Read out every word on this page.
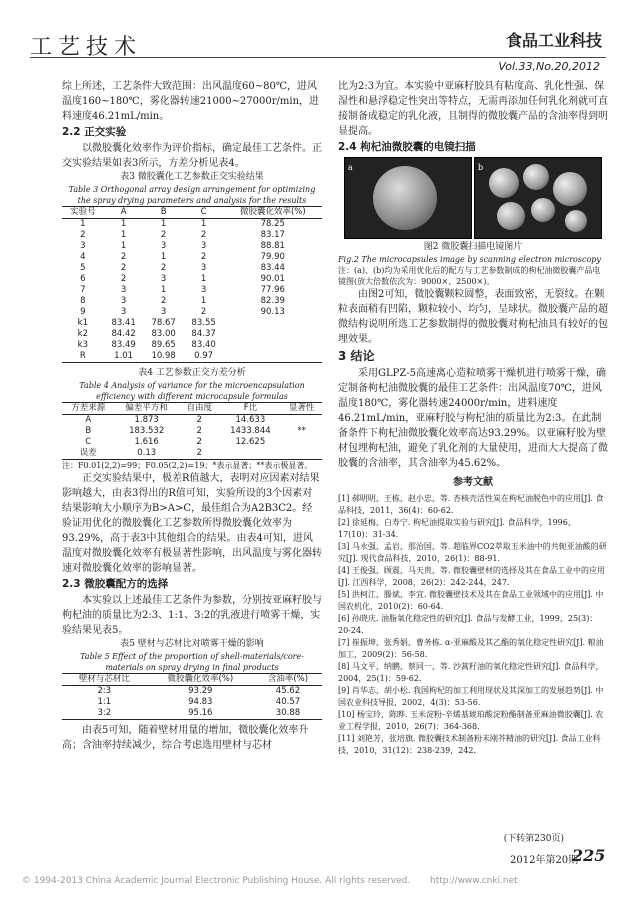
工艺技术	食品工业科技
Vol.33,No.20,2012

综上所述，工艺条件大致范围：出风温度60~80℃，进风温度160~180℃，雾化器转速21000~27000r/min，进料速度46.21mL/min。

2.2 正交实验

以微胶囊化效率作为评价指标，确定最佳工艺条件。正交实验结果如表3所示，方差分析见表4。

表3 微胶囊化工艺参数正交实验结果
Table 3 Orthogonal array design arrangement for optimizing the spray drying parameters and analysis for the results
实验号	A	B	C	微胶囊化效率(%)
1	1	1	1	78.25
2	1	2	2	83.17
3	1	3	3	88.81
4	2	1	2	79.90
5	2	2	3	83.44
6	2	3	1	90.01
7	3	1	3	77.96
8	3	2	1	82.39
9	3	3	2	90.13
k1	83.41	78.67	83.55	
k2	84.42	83.00	84.37	
k3	83.49	89.65	83.40	
R	1.01	10.98	0.97	
表4 工艺参数正交方差分析
Table 4 Analysis of variance for the microencapsulation efficiency with different microcapsule formulas
方差来源	偏差平方和	自由度	F比	显著性
A	1.873	2	14.633	
B	183.532	2	1433.844	**
C	1.616	2	12.625	
误差	0.13	2		
注：F0.01(2,2)=99；F0.05(2,2)=19；*表示显著；**表示极显著。

正交实验结果中，极差R值越大，表明对应因素对结果影响越大，由表3得出的R值可知，实验所设的3个因素对结果影响大小顺序为B>A>C，最佳组合为A2B3C2。经验证用优化的微胶囊化工艺参数所得微胶囊化效率为93.29%，高于表3中其他组合的结果。由表4可知，进风温度对微胶囊化效率有极显著性影响，出风温度与雾化器转速对微胶囊化效率的影响显著。

2.3 微胶囊配方的选择

本实验以上述最佳工艺条件为参数，分别按亚麻籽胶与枸杞油的质量比为2:3、1:1、3:2的乳液进行喷雾干燥，实验结果见表5。

表5 壁材与芯材比对喷雾干燥的影响
Table 5 Effect of the proportion of shell-materials/core-materials on spray drying in final products
壁材与芯材比	微胶囊化效率(%)	含油率(%)
2:3	93.29	45.62
1:1	94.83	40.57
3:2	95.16	30.88

由表5可知，随着壁材用量的增加，微胶囊化效率升高；含油率持续减少，综合考虑选用壁材与芯材

比为2:3为宜。本实验中亚麻籽胶具有粘度高、乳化性强、保湿性和悬浮稳定性突出等特点，无需再添加任何乳化剂就可直接制备成稳定的乳化液，且制得的微胶囊产品的含油率得到明显提高。

2.4 枸杞油微胶囊的电镜扫描
a	b
图2 微胶囊扫描电镜图片
Fig.2 The microcapsules image by scanning electron microscopy
注：(a)、(b)均为采用优化后的配方与工艺参数制成的枸杞油微胶囊产品电镜图(放大倍数依次为：9000×、2500×)。

由图2可知，微胶囊颗粒圆整，表面致密，无裂纹。在颗粒表面稍有凹陷，颗粒较小、均匀，呈球状。微胶囊产品的超微结构说明所选工艺参数制得的微胶囊对枸杞油具有较好的包埋效果。

3 结论

采用GLPZ-5高速离心造粒喷雾干燥机进行喷雾干燥，确定制备枸杞油微胶囊的最佳工艺条件：出风温度70℃，进风温度180℃，雾化器转速24000r/min，进料速度46.21mL/min，亚麻籽胶与枸杞油的质量比为2:3。在此制备条件下枸杞油微胶囊化效率高达93.29%。以亚麻籽胶为壁材包埋枸杞油，避免了乳化剂的大量使用，进而大大提高了微胶囊的含油率，其含油率为45.62%。

参考文献
[1] 郝明明，王栋，赵小忠，等. 杏核壳活性炭在枸杞油脱色中的应用[J]. 食品科技，2011，36(4)：60-62.
[2] 徐延梅，白寿宁. 枸杞油提取实验与研究[J]. 食品科学，1996，17(10)：31-34.
[3] 马永强，孟岩，那治国，等. 超临界CO2萃取玉米油中的共轭亚油酸的研究[J]. 现代食品科技，2010，26(1)：88-91.
[4] 王俊强，顾震，马天贵，等. 微胶囊壁材的选择及其在食品工业中的应用[J]. 江西科学，2008，26(2)：242-244，247.
[5] 洪柯江，滕斌，李宜. 微胶囊壁技术及其在食品工业领域中的应用[J]. 中国农机化，2010(2)：60-64.
[6] 孙晓庆. 油脂氧化稳定性的研究[J]. 食品与发酵工业，1999，25(3)：20-24.
[7] 崔振坤，张秀娟，曹务栋. α-亚麻酸及其乙酯的氧化稳定性研究[J]. 粮油加工，2009(2)：56-58.
[8] 马文平，纳鹏，蔡同一，等. 沙蒿籽油的氧化稳定性研究[J]. 食品科学，2004，25(1)：59-62.
[9] 肖华志，胡小松. 我国枸杞的加工利用现状及其深加工的发展趋势[J]. 中国农业科技导报，2002，4(3)：53-56.
[10] 杨宝玲，陈晔. 玉米淀粉-辛烯基琥珀酸淀粉酯制备亚麻油微胶囊[J]. 农业工程学报，2010，26(7)：364-368.
[11] 刘艳芳，张培旗. 微胶囊技术制备粉末刚芥精油的研究[J]. 食品工业科技，2010，31(12)：238-239，242.
(下转第230页)
2012年第20期
225
© 1994-2013 China Academic Journal Electronic Publishing House. All rights reserved. http://www.cnki.net
